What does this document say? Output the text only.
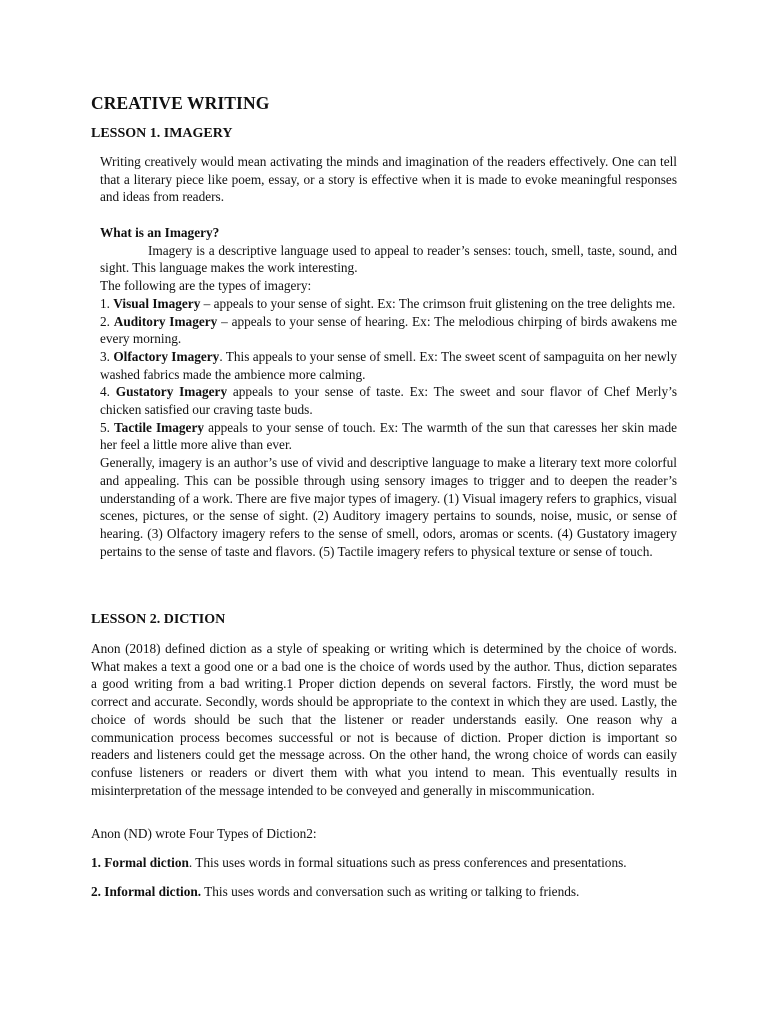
CREATIVE WRITING
LESSON 1. IMAGERY

Writing creatively would mean activating the minds and imagination of the readers effectively. One can tell that a literary piece like poem, essay, or a story is effective when it is made to evoke meaningful responses and ideas from readers.

What is an Imagery?

Imagery is a descriptive language used to appeal to reader’s senses: touch, smell, taste, sound, and sight. This language makes the work interesting.

The following are the types of imagery:

1. Visual Imagery – appeals to your sense of sight. Ex: The crimson fruit glistening on the tree delights me.

2. Auditory Imagery – appeals to your sense of hearing. Ex: The melodious chirping of birds awakens me every morning.

3. Olfactory Imagery. This appeals to your sense of smell. Ex: The sweet scent of sampaguita on her newly washed fabrics made the ambience more calming.

4. Gustatory Imagery appeals to your sense of taste. Ex: The sweet and sour flavor of Chef Merly’s chicken satisfied our craving taste buds.

5. Tactile Imagery appeals to your sense of touch. Ex: The warmth of the sun that caresses her skin made her feel a little more alive than ever.

Generally, imagery is an author’s use of vivid and descriptive language to make a literary text more colorful and appealing. This can be possible through using sensory images to trigger and to deepen the reader’s understanding of a work. There are five major types of imagery. (1) Visual imagery refers to graphics, visual scenes, pictures, or the sense of sight. (2) Auditory imagery pertains to sounds, noise, music, or sense of hearing. (3) Olfactory imagery refers to the sense of smell, odors, aromas or scents. (4) Gustatory imagery pertains to the sense of taste and flavors. (5) Tactile imagery refers to physical texture or sense of touch.

LESSON 2. DICTION

Anon (2018) defined diction as a style of speaking or writing which is determined by the choice of words. What makes a text a good one or a bad one is the choice of words used by the author. Thus, diction separates a good writing from a bad writing.1 Proper diction depends on several factors. Firstly, the word must be correct and accurate. Secondly, words should be appropriate to the context in which they are used. Lastly, the choice of words should be such that the listener or reader understands easily. One reason why a communication process becomes successful or not is because of diction. Proper diction is important so readers and listeners could get the message across. On the other hand, the wrong choice of words can easily confuse listeners or readers or divert them with what you intend to mean. This eventually results in misinterpretation of the message intended to be conveyed and generally in miscommunication.

Anon (ND) wrote Four Types of Diction2:

1. Formal diction. This uses words in formal situations such as press conferences and presentations.

2. Informal diction. This uses words and conversation such as writing or talking to friends.
